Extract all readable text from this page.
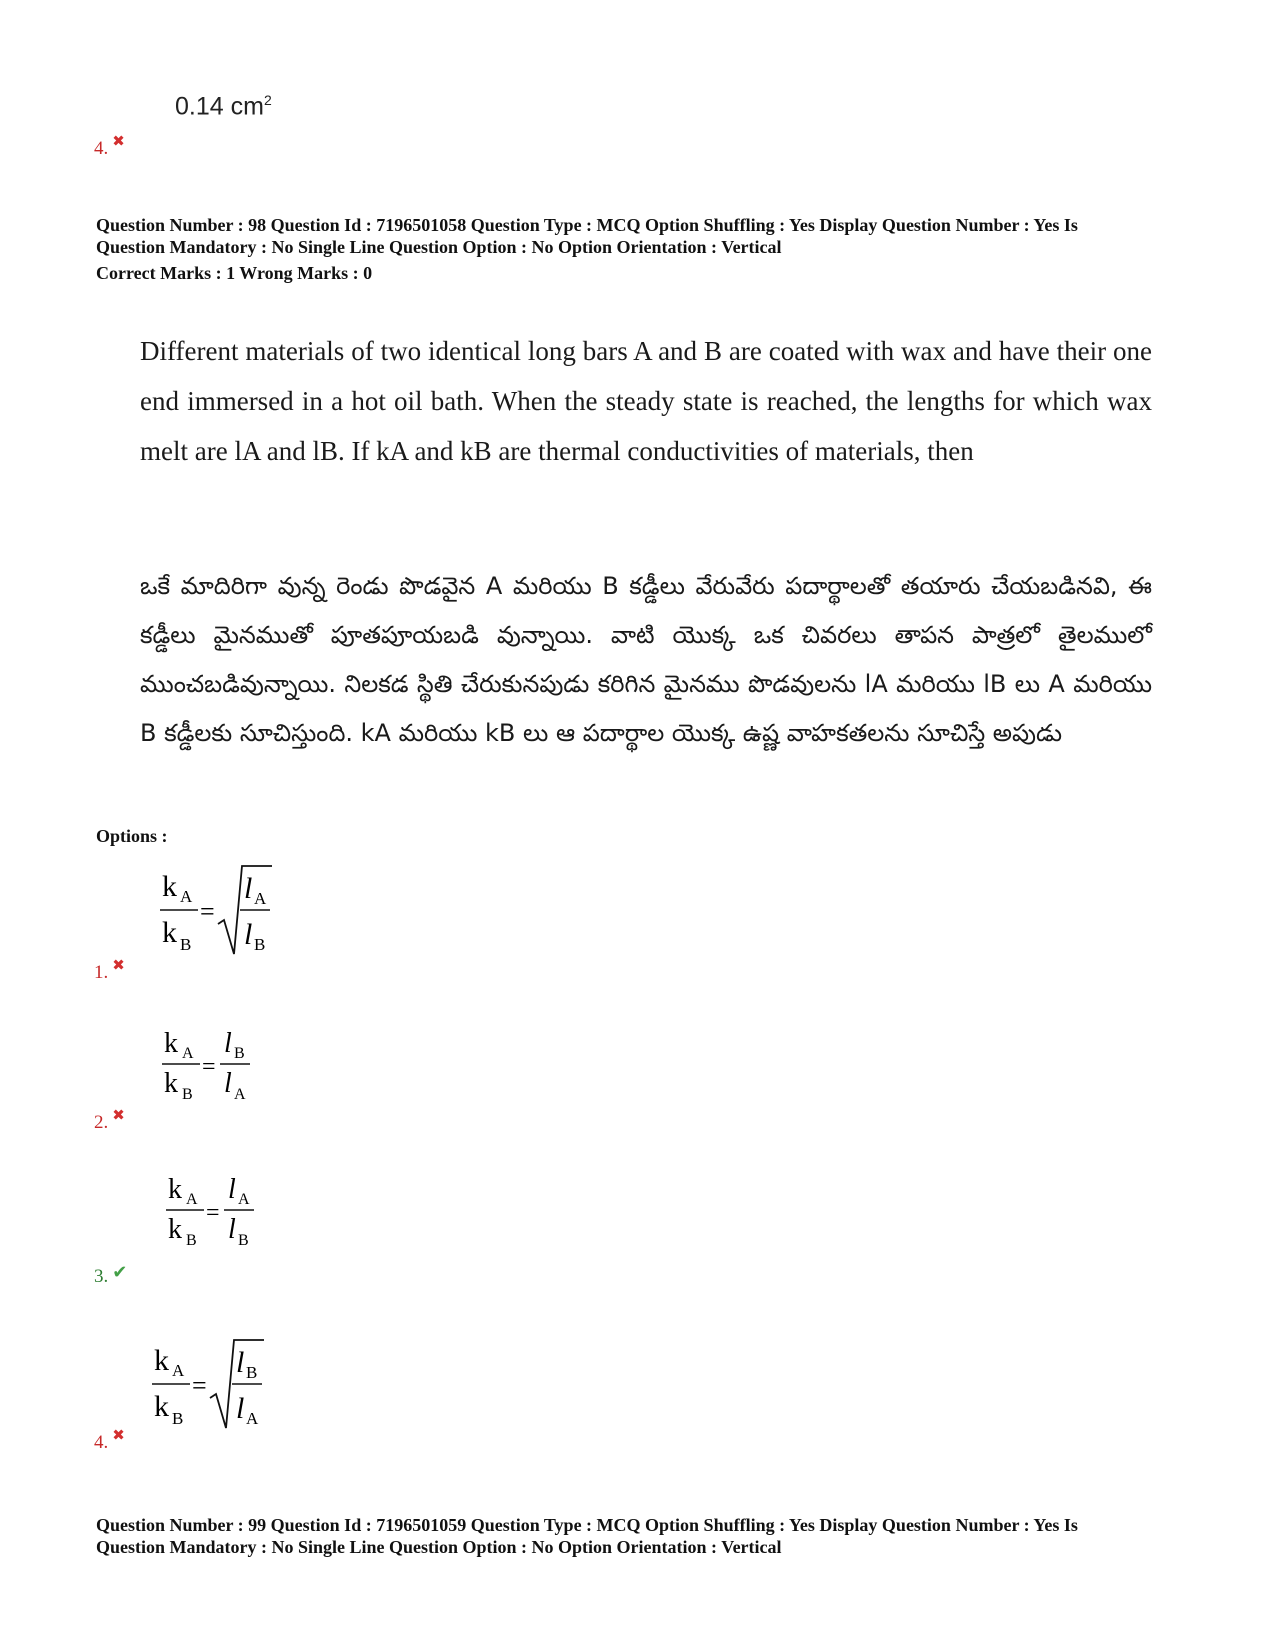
0.14 $cm^2$
4. ✖
Question Number : 98 Question Id : 7196501058 Question Type : MCQ Option Shuffling : Yes Display Question Number : Yes Is
Question Mandatory : No Single Line Question Option : No Option Orientation : Vertical
Correct Marks : 1 Wrong Marks : 0
Different materials of two identical long bars A and B are coated with wax and have their one end immersed in a hot oil bath. When the steady state is reached, the lengths for which wax melt are lA and lB. If kA and kB are thermal conductivities of materials, then
ఒకే మాదిరిగా వున్న రెండు పొడవైన A మరియు B కడ్డీలు వేరువేరు పదార్థాలతో తయారు చేయబడినవి, ఈ కడ్డీలు మైనముతో పూతపూయబడి వున్నాయి. వాటి యొక్క ఒక చివరలు తాపన పాత్రలో తైలములో ముంచబడివున్నాయి. నిలకడ స్థితి చేరుకునపుడు కరిగిన మైనము పొడవులను lA మరియు lB లు A మరియు B కడ్డీలకు సూచిస్తుంది. kA మరియు kB లు ఆ పదార్థాల యొక్క ఉష్ణ వాహకతలను సూచిస్తే అపుడు
Options :
k A
k B
=
l A
l B
1. ✖
k A
k B
=
l B
l A
2. ✖
k A
k B
=
l A
l B
3. ✔
k A
k B
=
l B
l A
4. ✖
Question Number : 99 Question Id : 7196501059 Question Type : MCQ Option Shuffling : Yes Display Question Number : Yes Is
Question Mandatory : No Single Line Question Option : No Option Orientation : Vertical
